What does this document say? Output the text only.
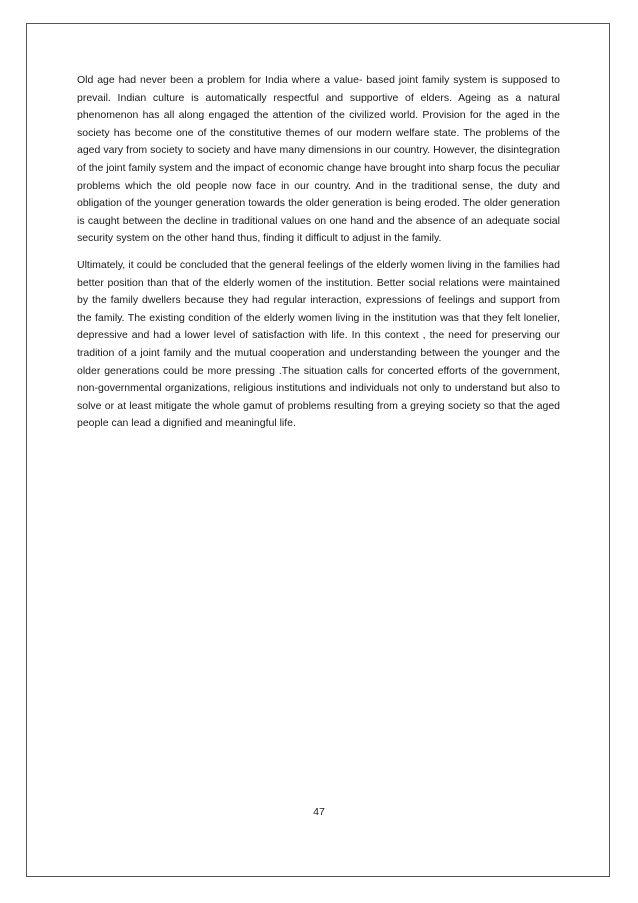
Old age had never been a problem for India where a value- based joint family system is supposed to prevail. Indian culture is automatically respectful and supportive of elders. Ageing as a natural phenomenon has all along engaged the attention of the civilized world. Provision for the aged in the society has become one of the constitutive themes of our modern welfare state. The problems of the aged vary from society to society and have many dimensions in our country. However, the disintegration of the joint family system and the impact of economic change have brought into sharp focus the peculiar problems which the old people now face in our country. And in the traditional sense, the duty and obligation of the younger generation towards the older generation is being eroded. The older generation is caught between the decline in traditional values on one hand and the absence of an adequate social security system on the other hand thus, finding it difficult to adjust in the family.

Ultimately, it could be concluded that the general feelings of the elderly women living in the families had better position than that of the elderly women of the institution. Better social relations were maintained by the family dwellers because they had regular interaction, expressions of feelings and support from the family. The existing condition of the elderly women living in the institution was that they felt lonelier, depressive and had a lower level of satisfaction with life. In this context , the need for preserving our tradition of a joint family and the mutual cooperation and understanding between the younger and the older generations could be more pressing .The situation calls for concerted efforts of the government, non-governmental organizations, religious institutions and individuals not only to understand but also to solve or at least mitigate the whole gamut of problems resulting from a greying society so that the aged people can lead a dignified and meaningful life.

47
